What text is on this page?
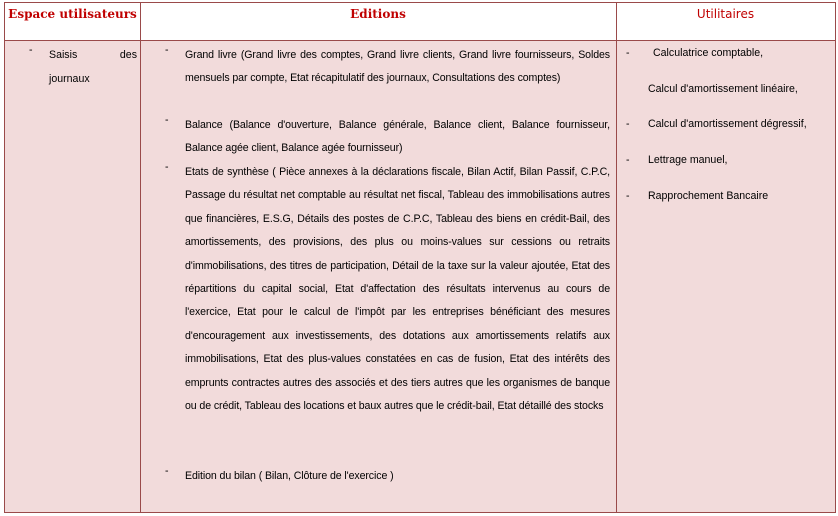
Espace utilisateurs	Editions	Utilitaires
- Saisis des journaux
- Grand livre (Grand livre des comptes, Grand livre clients, Grand livre fournisseurs, Soldes mensuels par compte, Etat récapitulatif des journaux, Consultations des comptes)
- Balance (Balance d'ouverture, Balance générale, Balance client, Balance fournisseur, Balance agée client, Balance agée fournisseur)
- Etats de synthèse ( Pièce annexes à la déclarations fiscale, Bilan Actif, Bilan Passif, C.P.C, Passage du résultat net comptable au résultat net fiscal, Tableau des immobilisations autres que financières, E.S.G, Détails des postes de C.P.C, Tableau des biens en crédit-Bail, des amortissements, des provisions, des plus ou moins-values sur cessions ou retraits d'immobilisations, des titres de participation, Détail de la taxe sur la valeur ajoutée, Etat des répartitions du capital social, Etat d'affectation des résultats intervenus au cours de l'exercice, Etat pour le calcul de l'impôt par les entreprises bénéficiant des mesures d'encouragement aux investissements, des dotations aux amortissements relatifs aux immobilisations, Etat des plus-values constatées en cas de fusion, Etat des intérêts des emprunts contractes autres des associés et des tiers autres que les organismes de banque ou de crédit, Tableau des locations et baux autres que le crédit-bail, Etat détaillé des stocks
- Edition du bilan ( Bilan, Clôture de l'exercice )
- Calculatrice comptable,
Calcul d'amortissement linéaire,
- Calcul d'amortissement dégressif,
- Lettrage manuel,
- Rapprochement Bancaire
